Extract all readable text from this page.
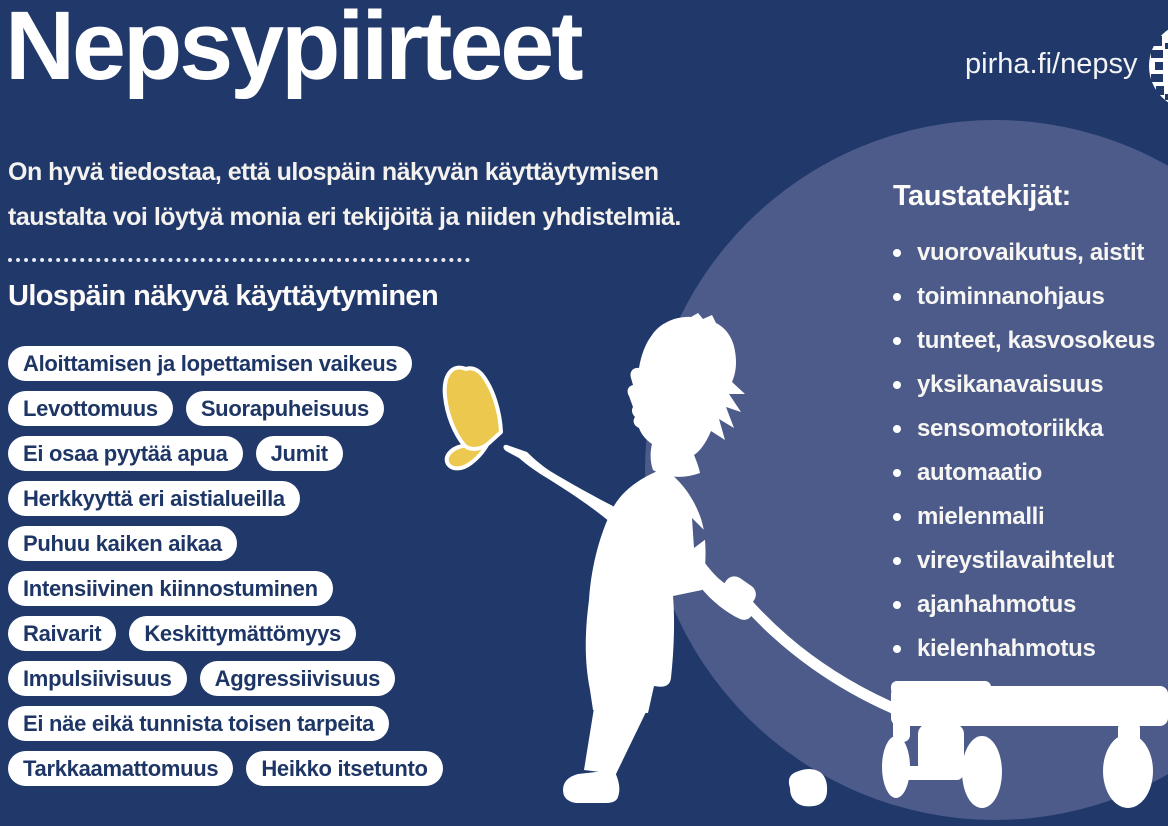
Nepsypiirteet	pirha.fi/nepsy
On hyvä tiedostaa, että ulospäin näkyvän käyttäytymisen
taustalta voi löytyä monia eri tekijöitä ja niiden yhdistelmiä.
Ulospäin näkyvä käyttäytyminen
Aloittamisen ja lopettamisen vaikeus
Levottomuus	Suorapuheisuus
Ei osaa pyytää apua	Jumit
Herkkyyttä eri aistialueilla
Puhuu kaiken aikaa
Intensiivinen kiinnostuminen
Raivarit	Keskittymättömyys
Impulsiivisuus	Aggressiivisuus
Ei näe eikä tunnista toisen tarpeita
Tarkkaamattomuus	Heikko itsetunto
Taustatekijät:
vuorovaikutus, aistit
toiminnanohjaus
tunteet, kasvosokeus
yksikanavaisuus
sensomotoriikka
automaatio
mielenmalli
vireystilavaihtelut
ajanhahmotus
kielenhahmotus
